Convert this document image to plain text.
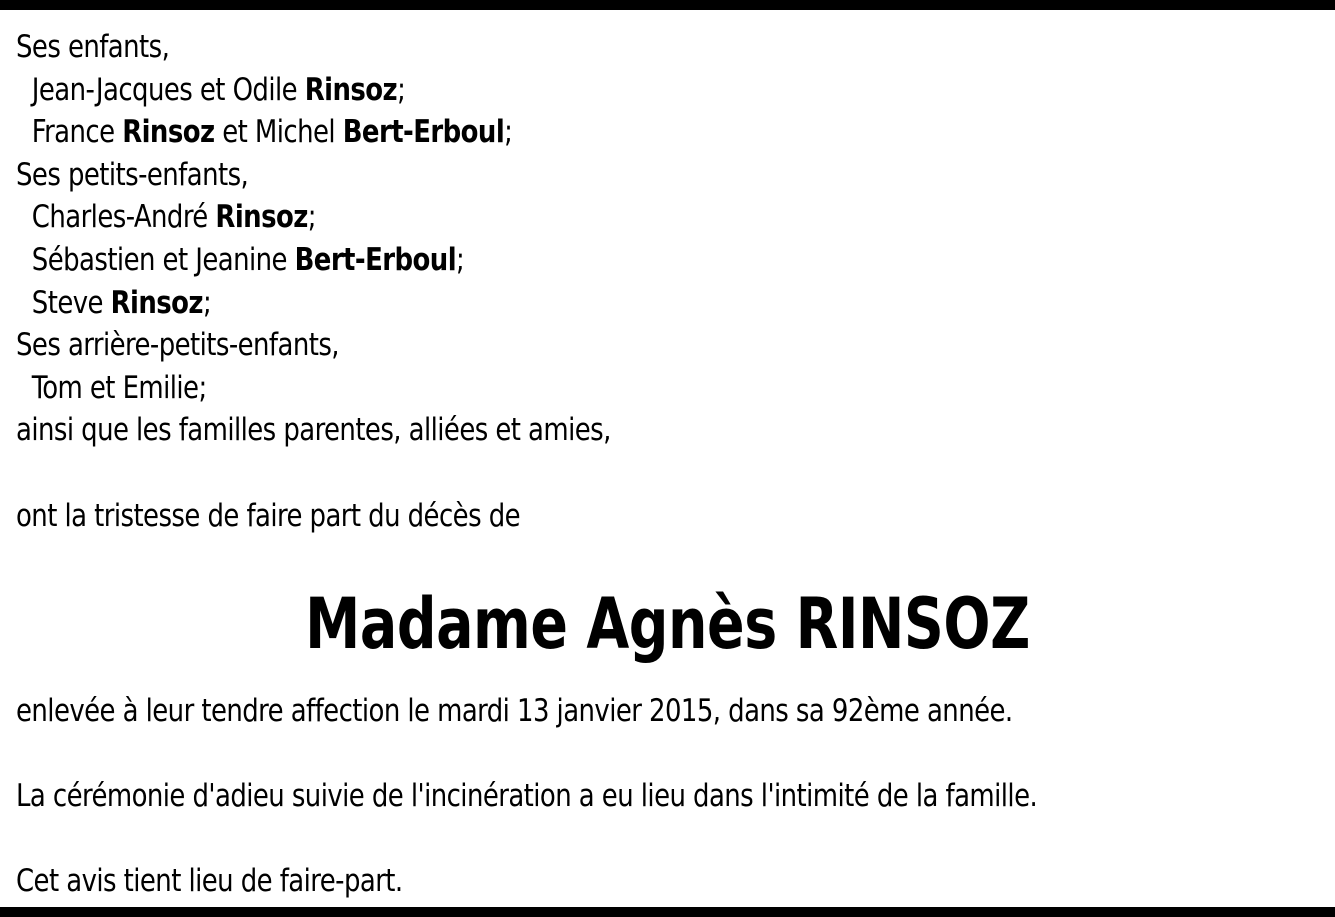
Ses enfants,
Jean-Jacques et Odile Rinsoz;
France Rinsoz et Michel Bert-Erboul;
Ses petits-enfants,
Charles-André Rinsoz;
Sébastien et Jeanine Bert-Erboul;
Steve Rinsoz;
Ses arrière-petits-enfants,
Tom et Emilie;
ainsi que les familles parentes, alliées et amies,
ont la tristesse de faire part du décès de
Madame Agnès RINSOZ
enlevée à leur tendre affection le mardi 13 janvier 2015, dans sa 92ème année.
La cérémonie d'adieu suivie de l'incinération a eu lieu dans l'intimité de la famille.
Cet avis tient lieu de faire-part.
